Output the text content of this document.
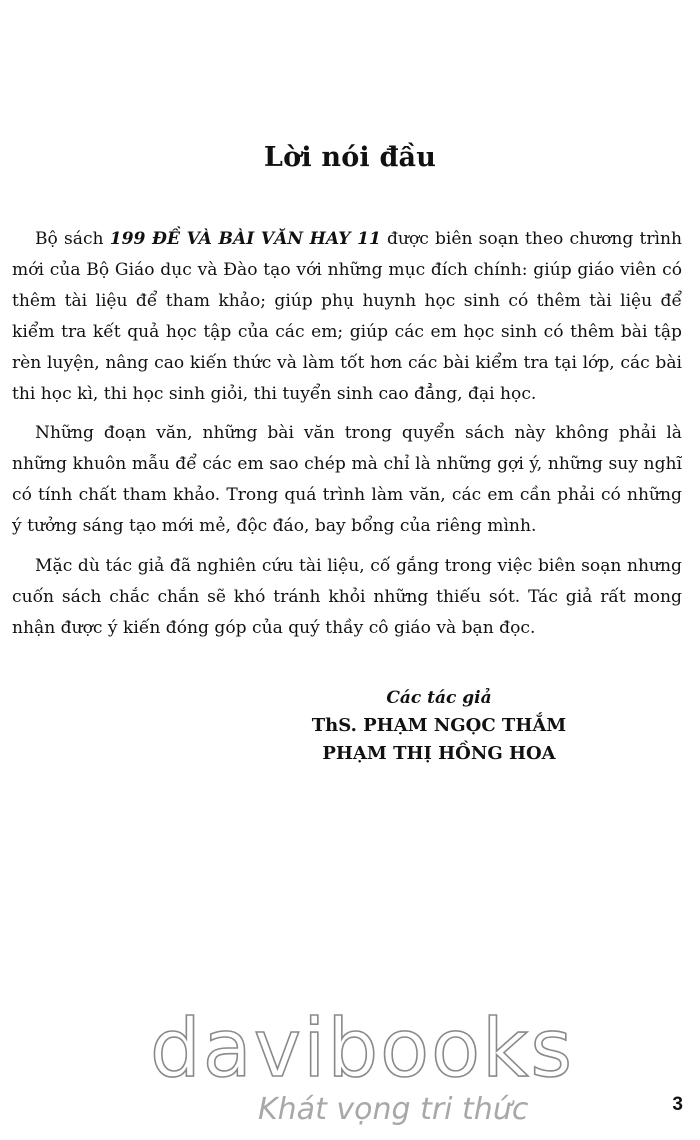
Lời nói đầu

Bộ sách 199 ĐỀ VÀ BÀI VĂN HAY 11 được biên soạn theo chương trình mới của Bộ Giáo dục và Đào tạo với những mục đích chính: giúp giáo viên có thêm tài liệu để tham khảo; giúp phụ huynh học sinh có thêm tài liệu để kiểm tra kết quả học tập của các em; giúp các em học sinh có thêm bài tập rèn luyện, nâng cao kiến thức và làm tốt hơn các bài kiểm tra tại lớp, các bài thi học kì, thi học sinh giỏi, thi tuyển sinh cao đẳng, đại học.

Những đoạn văn, những bài văn trong quyển sách này không phải là những khuôn mẫu để các em sao chép mà chỉ là những gợi ý, những suy nghĩ có tính chất tham khảo. Trong quá trình làm văn, các em cần phải có những ý tưởng sáng tạo mới mẻ, độc đáo, bay bổng của riêng mình.

Mặc dù tác giả đã nghiên cứu tài liệu, cố gắng trong việc biên soạn nhưng cuốn sách chắc chắn sẽ khó tránh khỏi những thiếu sót. Tác giả rất mong nhận được ý kiến đóng góp của quý thầy cô giáo và bạn đọc.

Các tác giả
ThS. PHẠM NGỌC THẮM
PHẠM THỊ HỒNG HOA
davibooks
Khát vọng tri thức	3
